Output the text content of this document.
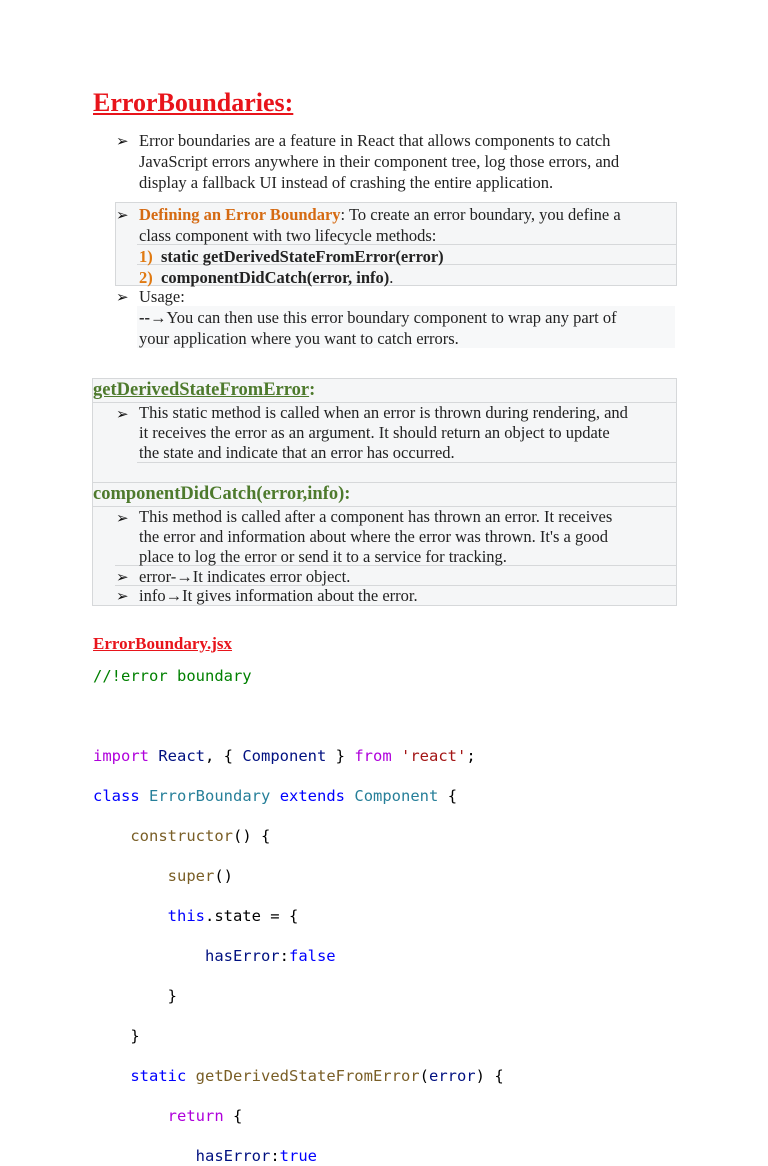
ErrorBoundaries:
➢ Error boundaries are a feature in React that allows components to catch
JavaScript errors anywhere in their component tree, log those errors, and
display a fallback UI instead of crashing the entire application.
➢ Defining an Error Boundary: To create an error boundary, you define a
class component with two lifecycle methods:
1) static getDerivedStateFromError(error)
2) componentDidCatch(error, info).
➢ Usage:
--→You can then use this error boundary component to wrap any part of
your application where you want to catch errors.
getDerivedStateFromError:
➢ This static method is called when an error is thrown during rendering, and
it receives the error as an argument. It should return an object to update
the state and indicate that an error has occurred.
componentDidCatch(error,info):
➢ This method is called after a component has thrown an error. It receives
the error and information about where the error was thrown. It's a good
place to log the error or send it to a service for tracking.
➢ error-→It indicates error object.
➢ info→It gives information about the error.
ErrorBoundary.jsx
//!error boundary

import React, { Component } from 'react';

class ErrorBoundary extends Component {

constructor() {

super()

this.state = {

hasError:false

}

}

static getDerivedStateFromError(error) {

return {

hasError:true
